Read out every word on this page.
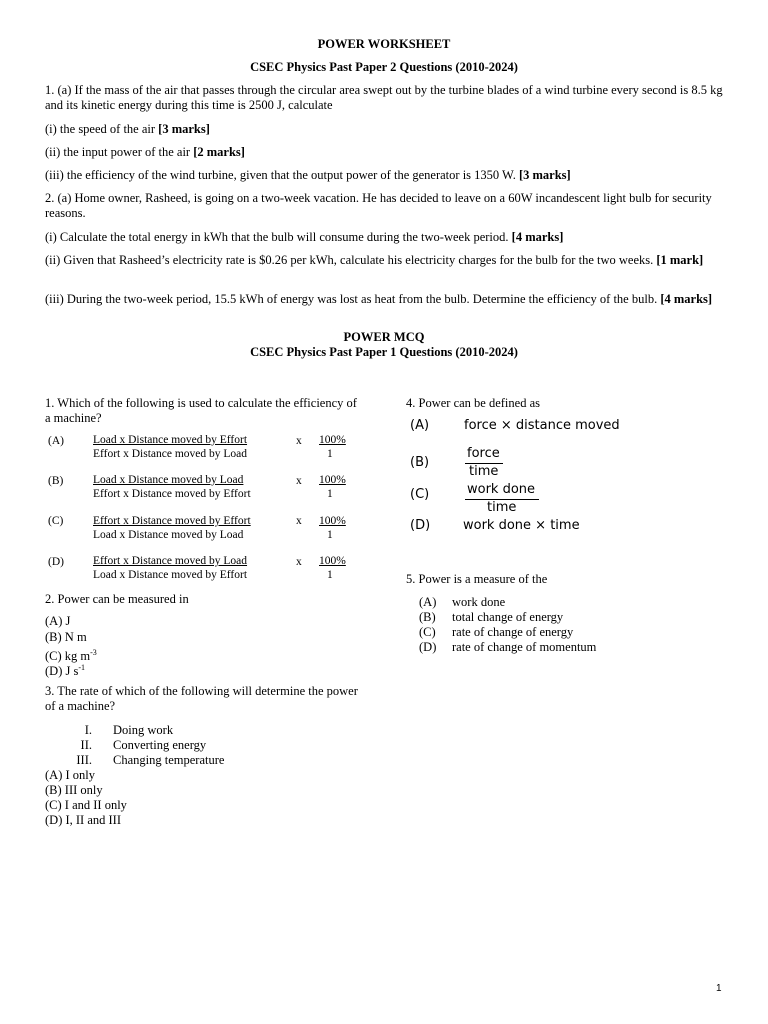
POWER WORKSHEET
CSEC Physics Past Paper 2 Questions (2010-2024)
1. (a) If the mass of the air that passes through the circular area swept out by the turbine blades of a wind turbine every second is 8.5 kg and its kinetic energy during this time is 2500 J, calculate
(i) the speed of the air [3 marks]
(ii) the input power of the air [2 marks]
(iii) the efficiency of the wind turbine, given that the output power of the generator is 1350 W. [3 marks]
2. (a) Home owner, Rasheed, is going on a two-week vacation. He has decided to leave on a 60W incandescent light bulb for security reasons.
(i) Calculate the total energy in kWh that the bulb will consume during the two-week period. [4 marks]
(ii) Given that Rasheed’s electricity rate is $0.26 per kWh, calculate his electricity charges for the bulb for the two weeks. [1 mark]
(iii) During the two-week period, 15.5 kWh of energy was lost as heat from the bulb. Determine the efficiency of the bulb. [4 marks]
POWER MCQ
CSEC Physics Past Paper 1 Questions (2010-2024)
1. Which of the following is used to calculate the efficiency of a machine?
(A)	Load x Distance moved by Effort
Effort x Distance moved by Load
x 100%
1
(B)	Load x Distance moved by Load
Effort x Distance moved by Effort
x 100%
1
(C)	Effort x Distance moved by Effort
Load x Distance moved by Load
x 100%
1
(D)	Effort x Distance moved by Load
Load x Distance moved by Effort
x 100%
1
2. Power can be measured in
(A) J
(B) N m
(C) kg $m^{-3}$
(D) J $s^{-1}$
3. The rate of which of the following will determine the power of a machine?
I. Doing work
II. Converting energy
III. Changing temperature
(A) I only
(B) III only
(C) I and II only
(D) I, II and III
4. Power can be defined as
(A)	force × distance moved
(B)
force
time
(C)	work done
time
(D)	work done × time
5. Power is a measure of the
(A) work done
(B) total change of energy
(C) rate of change of energy
(D) rate of change of momentum
1
